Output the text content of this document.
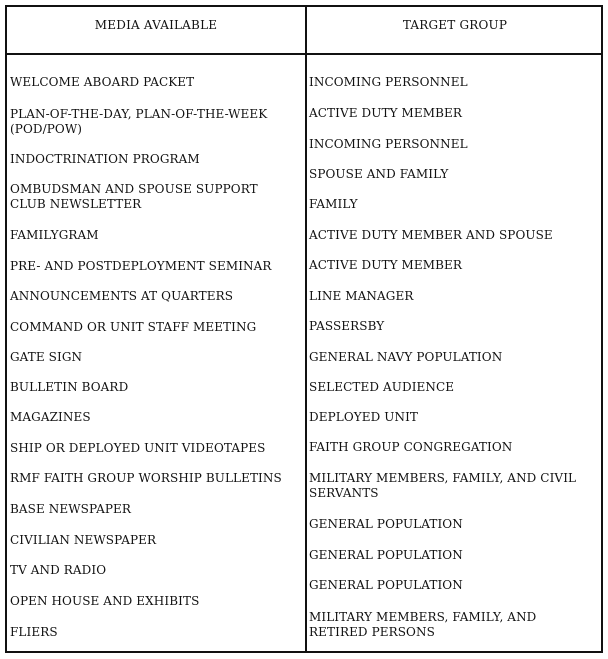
MEDIA AVAILABLE	TARGET GROUP
WELCOME ABOARD PACKET
PLAN-OF-THE-DAY, PLAN-OF-THE-WEEK (POD/POW)
INDOCTRINATION PROGRAM
OMBUDSMAN AND SPOUSE SUPPORT CLUB NEWSLETTER
FAMILYGRAM
PRE- AND POSTDEPLOYMENT SEMINAR
ANNOUNCEMENTS AT QUARTERS
COMMAND OR UNIT STAFF MEETING
GATE SIGN
BULLETIN BOARD
MAGAZINES
SHIP OR DEPLOYED UNIT VIDEOTAPES
RMF FAITH GROUP WORSHIP BULLETINS
BASE NEWSPAPER
CIVILIAN NEWSPAPER
TV AND RADIO
OPEN HOUSE AND EXHIBITS
FLIERS
INCOMING PERSONNEL
ACTIVE DUTY MEMBER
INCOMING PERSONNEL
SPOUSE AND FAMILY
FAMILY
ACTIVE DUTY MEMBER AND SPOUSE
ACTIVE DUTY MEMBER
LINE MANAGER
PASSERSBY
GENERAL NAVY POPULATION
SELECTED AUDIENCE
DEPLOYED UNIT
FAITH GROUP CONGREGATION
MILITARY MEMBERS, FAMILY, AND CIVIL SERVANTS
GENERAL POPULATION
GENERAL POPULATION
GENERAL POPULATION
MILITARY MEMBERS, FAMILY, AND RETIRED PERSONS
